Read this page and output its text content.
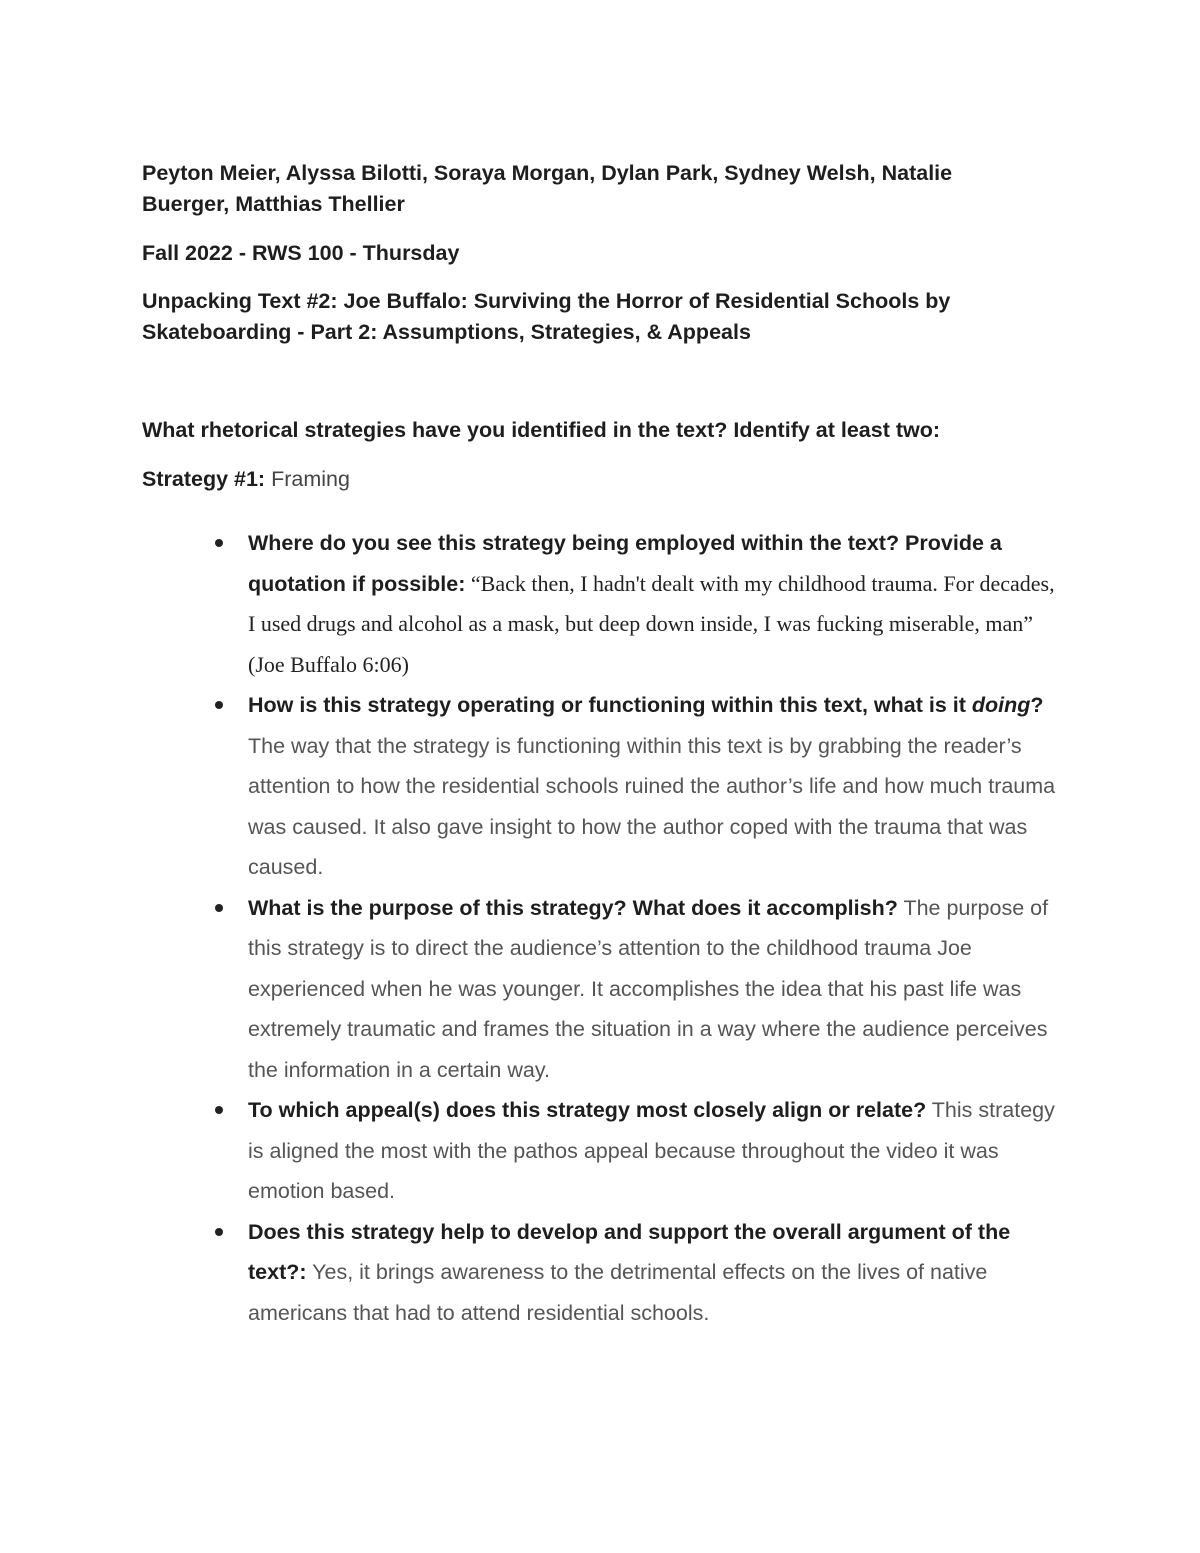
Peyton Meier, Alyssa Bilotti, Soraya Morgan, Dylan Park, Sydney Welsh, Natalie Buerger, Matthias Thellier
Fall 2022 - RWS 100 - Thursday
Unpacking Text #2: Joe Buffalo: Surviving the Horror of Residential Schools by Skateboarding - Part 2: Assumptions, Strategies, & Appeals
What rhetorical strategies have you identified in the text? Identify at least two:
Strategy #1: Framing
Where do you see this strategy being employed within the text? Provide a quotation if possible: “Back then, I hadn't dealt with my childhood trauma. For decades, I used drugs and alcohol as a mask, but deep down inside, I was fucking miserable, man” (Joe Buffalo 6:06)
How is this strategy operating or functioning within this text, what is it doing? The way that the strategy is functioning within this text is by grabbing the reader’s attention to how the residential schools ruined the author’s life and how much trauma was caused. It also gave insight to how the author coped with the trauma that was caused.
What is the purpose of this strategy? What does it accomplish? The purpose of this strategy is to direct the audience’s attention to the childhood trauma Joe experienced when he was younger. It accomplishes the idea that his past life was extremely traumatic and frames the situation in a way where the audience perceives the information in a certain way.
To which appeal(s) does this strategy most closely align or relate? This strategy is aligned the most with the pathos appeal because throughout the video it was emotion based.
Does this strategy help to develop and support the overall argument of the text?: Yes, it brings awareness to the detrimental effects on the lives of native americans that had to attend residential schools.
